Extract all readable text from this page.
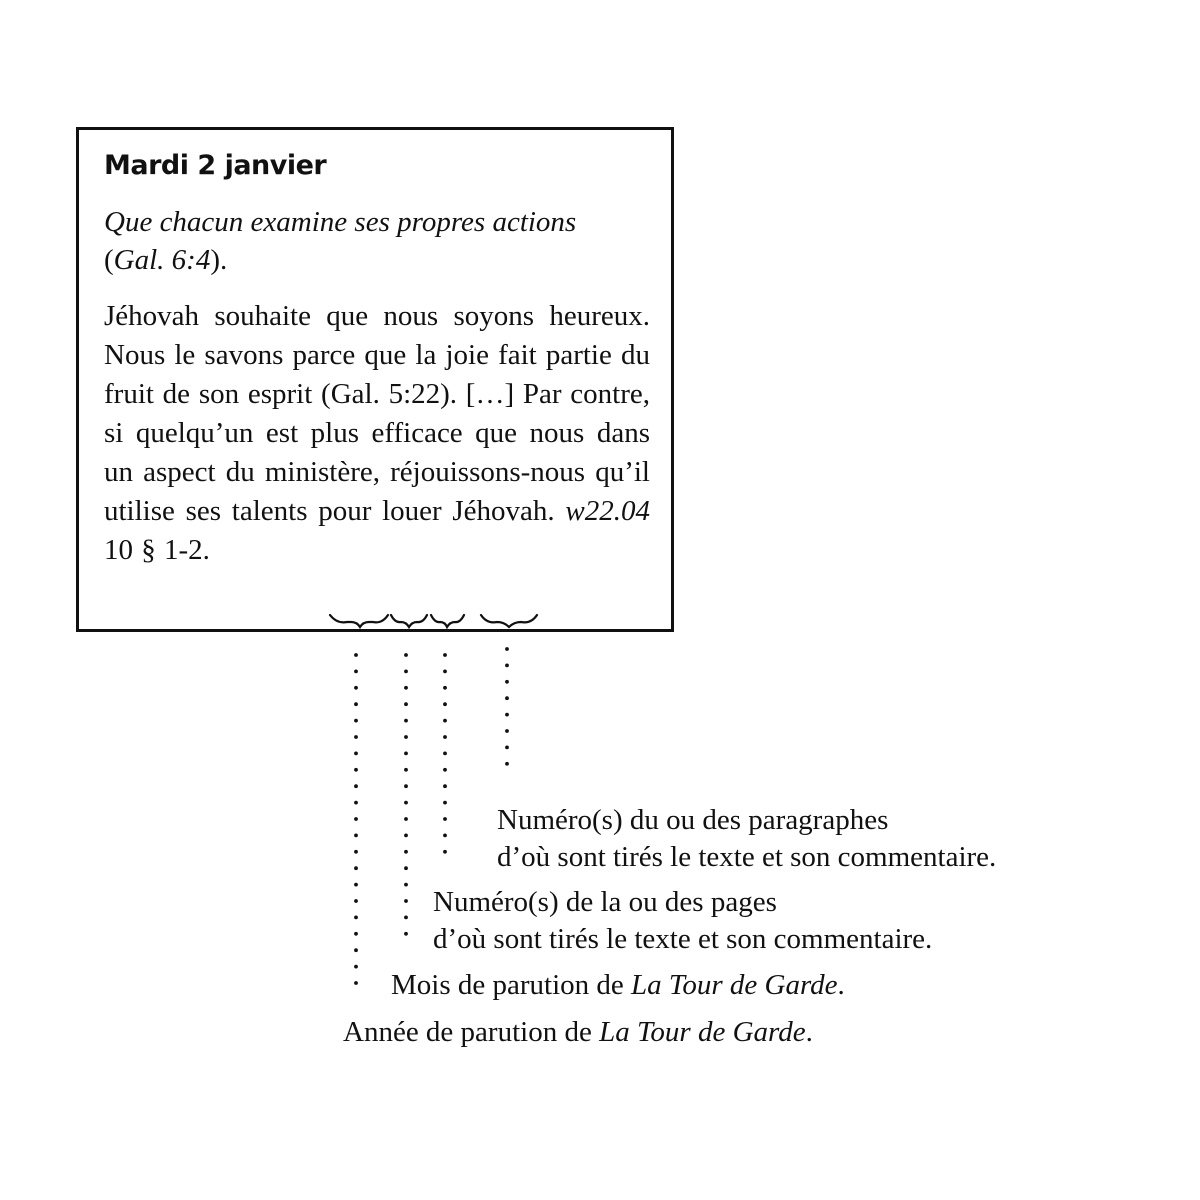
Mardi 2 janvier
Que chacun examine ses propres actions
(Gal. 6:4).
Jéhovah souhaite que nous soyons heureux. Nous le savons parce que la joie fait partie du fruit de son esprit (Gal. 5:22). […] Par contre, si quelqu’un est plus efficace que nous dans un aspect du ministère, réjouissons-nous qu’il utilise ses talents pour louer Jéhovah. w22.04 10 § 1-2.
Numéro(s) du ou des paragraphes
d’où sont tirés le texte et son commentaire.
Numéro(s) de la ou des pages
d’où sont tirés le texte et son commentaire.
Mois de parution de La Tour de Garde.
Année de parution de La Tour de Garde.
